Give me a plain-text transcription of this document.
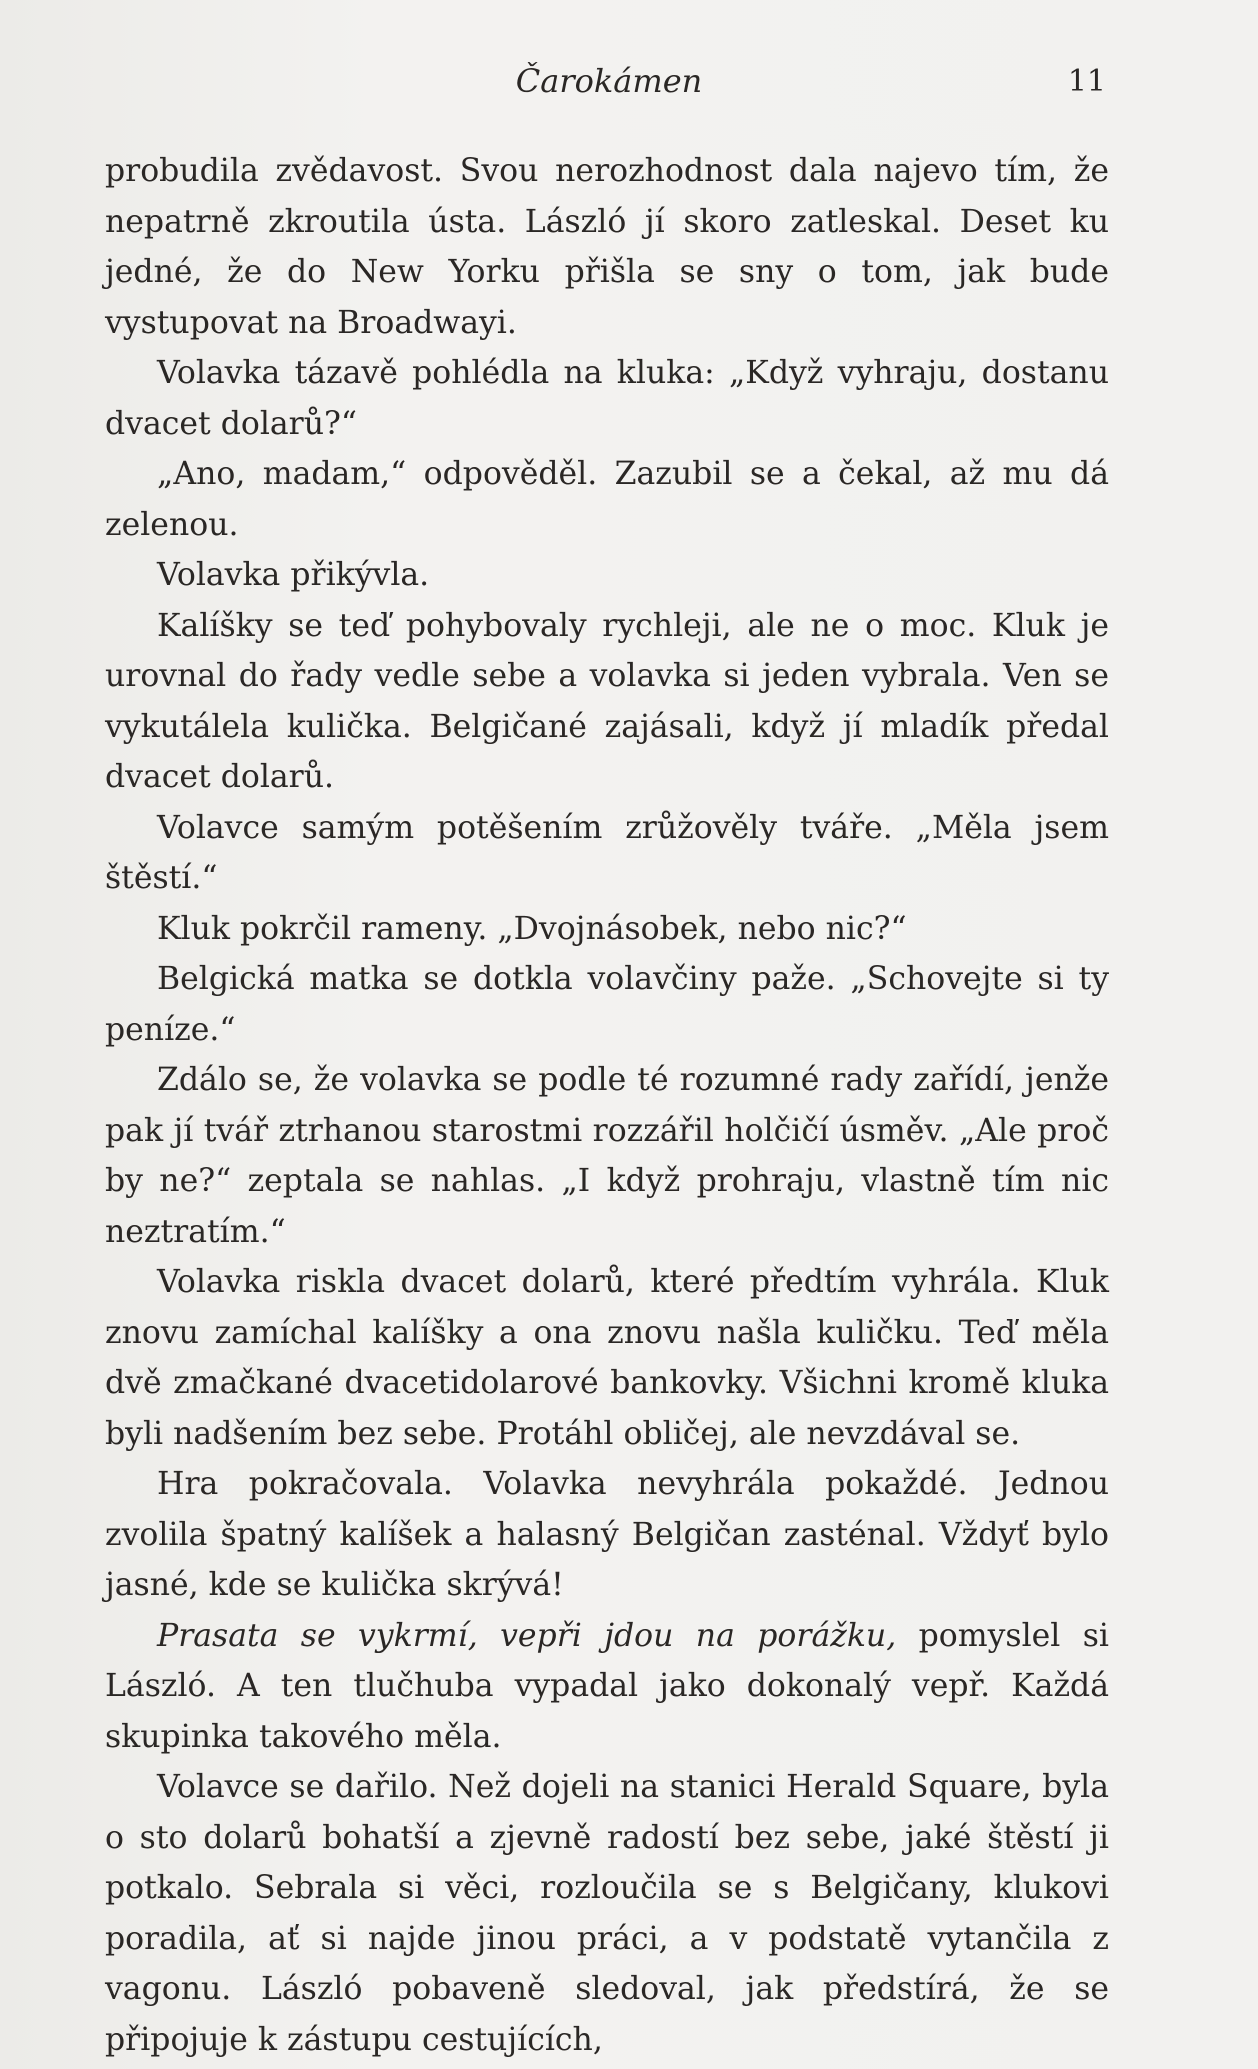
Čarokámen	11

probudila zvědavost. Svou nerozhodnost dala najevo tím, že nepatrně zkroutila ústa. László jí skoro zatleskal. Deset ku jedné, že do New Yorku přišla se sny o tom, jak bude vystupovat na Broadwayi.

Volavka tázavě pohlédla na kluka: „Když vyhraju, dostanu dvacet dolarů?“

„Ano, madam,“ odpověděl. Zazubil se a čekal, až mu dá zelenou.

Volavka přikývla.

Kalíšky se teď pohybovaly rychleji, ale ne o moc. Kluk je urovnal do řady vedle sebe a volavka si jeden vybrala. Ven se vykutálela kulička. Belgičané zajásali, když jí mladík předal dvacet dolarů.

Volavce samým potěšením zrůžověly tváře. „Měla jsem štěstí.“

Kluk pokrčil rameny. „Dvojnásobek, nebo nic?“

Belgická matka se dotkla volavčiny paže. „Schovejte si ty peníze.“

Zdálo se, že volavka se podle té rozumné rady zařídí, jenže pak jí tvář ztrhanou starostmi rozzářil holčičí úsměv. „Ale proč by ne?“ zeptala se nahlas. „I když prohraju, vlastně tím nic neztratím.“

Volavka riskla dvacet dolarů, které předtím vyhrála. Kluk znovu zamíchal kalíšky a ona znovu našla kuličku. Teď měla dvě zmačkané dvacetidolarové bankovky. Všichni kromě kluka byli nadšením bez sebe. Protáhl obličej, ale nevzdával se.

Hra pokračovala. Volavka nevyhrála pokaždé. Jednou zvolila špatný kalíšek a halasný Belgičan zasténal. Vždyť bylo jasné, kde se kulička skrývá!

Prasata se vykrmí, vepři jdou na porážku, pomyslel si László. A ten tlučhuba vypadal jako dokonalý vepř. Každá skupinka takového měla.

Volavce se dařilo. Než dojeli na stanici Herald Square, byla o sto dolarů bohatší a zjevně radostí bez sebe, jaké štěstí ji potkalo. Sebrala si věci, rozloučila se s Belgičany, klukovi poradila, ať si najde jinou práci, a v podstatě vytančila z vagonu. László pobaveně sledoval, jak předstírá, že se připojuje k zástupu cestujících,
